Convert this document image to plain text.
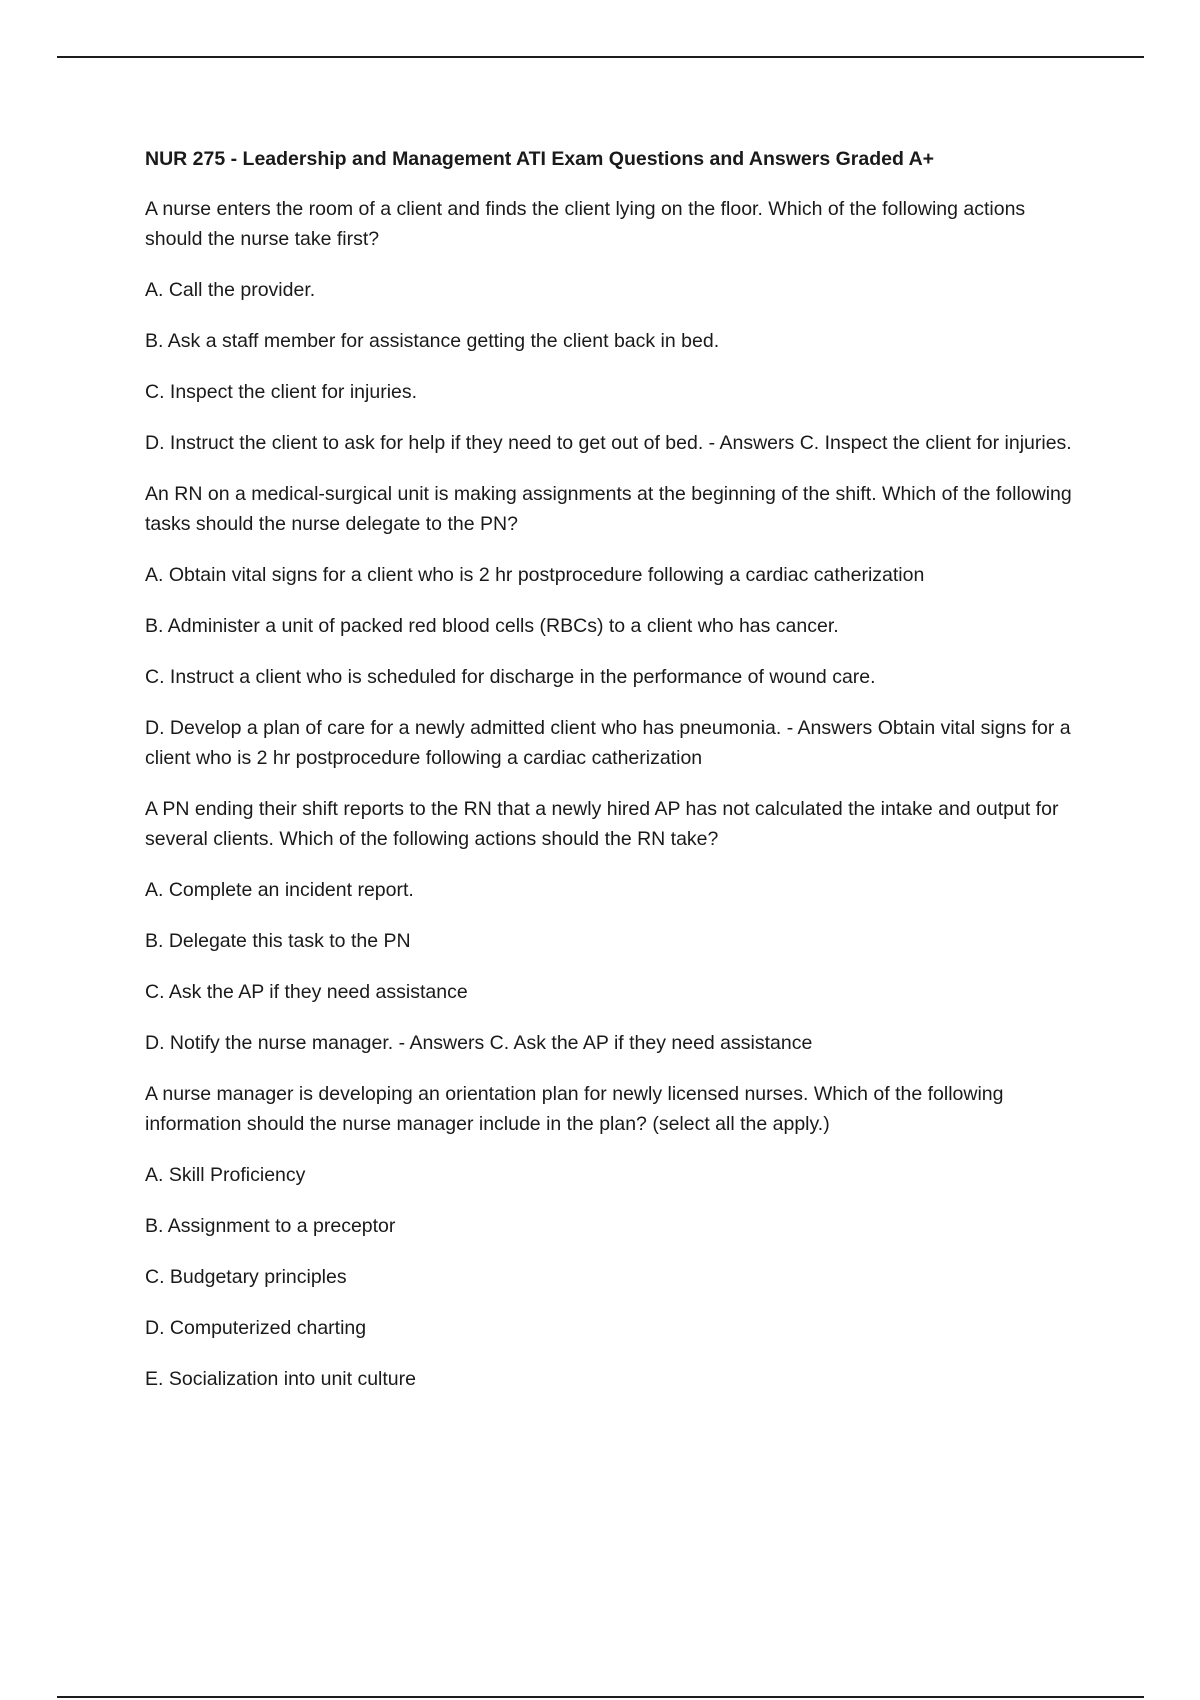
NUR 275 - Leadership and Management ATI Exam Questions and Answers Graded A+

A nurse enters the room of a client and finds the client lying on the floor. Which of the following actions should the nurse take first?

A. Call the provider.

B. Ask a staff member for assistance getting the client back in bed.

C. Inspect the client for injuries.

D. Instruct the client to ask for help if they need to get out of bed. - Answers C. Inspect the client for injuries.

An RN on a medical-surgical unit is making assignments at the beginning of the shift. Which of the following tasks should the nurse delegate to the PN?

A. Obtain vital signs for a client who is 2 hr postprocedure following a cardiac catherization

B. Administer a unit of packed red blood cells (RBCs) to a client who has cancer.

C. Instruct a client who is scheduled for discharge in the performance of wound care.

D. Develop a plan of care for a newly admitted client who has pneumonia. - Answers Obtain vital signs for a client who is 2 hr postprocedure following a cardiac catherization

A PN ending their shift reports to the RN that a newly hired AP has not calculated the intake and output for several clients. Which of the following actions should the RN take?

A. Complete an incident report.

B. Delegate this task to the PN

C. Ask the AP if they need assistance

D. Notify the nurse manager. - Answers C. Ask the AP if they need assistance

A nurse manager is developing an orientation plan for newly licensed nurses. Which of the following information should the nurse manager include in the plan? (select all the apply.)

A. Skill Proficiency

B. Assignment to a preceptor

C. Budgetary principles

D. Computerized charting

E. Socialization into unit culture
